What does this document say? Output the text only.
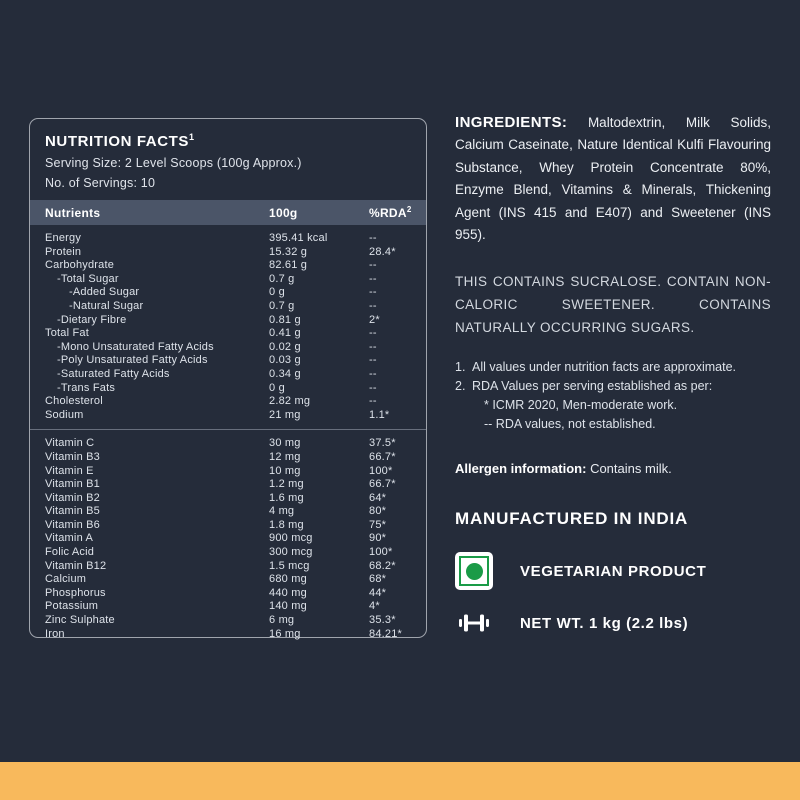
NUTRITION FACTS$^1$
Serving Size: 2 Level Scoops (100g Approx.)
No. of Servings: 10
Nutrients	100g	%RDA$^2$
Energy	395.41 kcal	--
Protein	15.32 g	28.4*
Carbohydrate	82.61 g	--
-Total Sugar	0.7 g	--
-Added Sugar	0 g	--
-Natural Sugar	0.7 g	--
-Dietary Fibre	0.81 g	2*
Total Fat	0.41 g	--
-Mono Unsaturated Fatty Acids	0.02 g	--
-Poly Unsaturated Fatty Acids	0.03 g	--
-Saturated Fatty Acids	0.34 g	--
-Trans Fats	0 g	--
Cholesterol	2.82 mg	--
Sodium	21 mg	1.1*
Vitamin C	30 mg	37.5*
Vitamin B3	12 mg	66.7*
Vitamin E	10 mg	100*
Vitamin B1	1.2 mg	66.7*
Vitamin B2	1.6 mg	64*
Vitamin B5	4 mg	80*
Vitamin B6	1.8 mg	75*
Vitamin A	900 mcg	90*
Folic Acid	300 mcg	100*
Vitamin B12	1.5 mcg	68.2*
Calcium	680 mg	68*
Phosphorus	440 mg	44*
Potassium	140 mg	4*
Zinc Sulphate	6 mg	35.3*
Iron	16 mg	84.21*

INGREDIENTS: Maltodextrin, Milk Solids, Calcium Caseinate, Nature Identical Kulfi Flavouring Substance, Whey Protein Concentrate 80%, Enzyme Blend, Vitamins & Minerals, Thickening Agent (INS 415 and E407) and Sweetener (INS 955).

THIS CONTAINS SUCRALOSE. CONTAIN NON-CALORIC SWEETENER. CONTAINS NATURALLY OCCURRING SUGARS.

1. All values under nutrition facts are approximate.
2. RDA Values per serving established as per:
* ICMR 2020, Men-moderate work.
-- RDA values, not established.
Allergen information: Contains milk.
MANUFACTURED IN INDIA
VEGETARIAN PRODUCT
NET WT. 1 kg (2.2 lbs)
